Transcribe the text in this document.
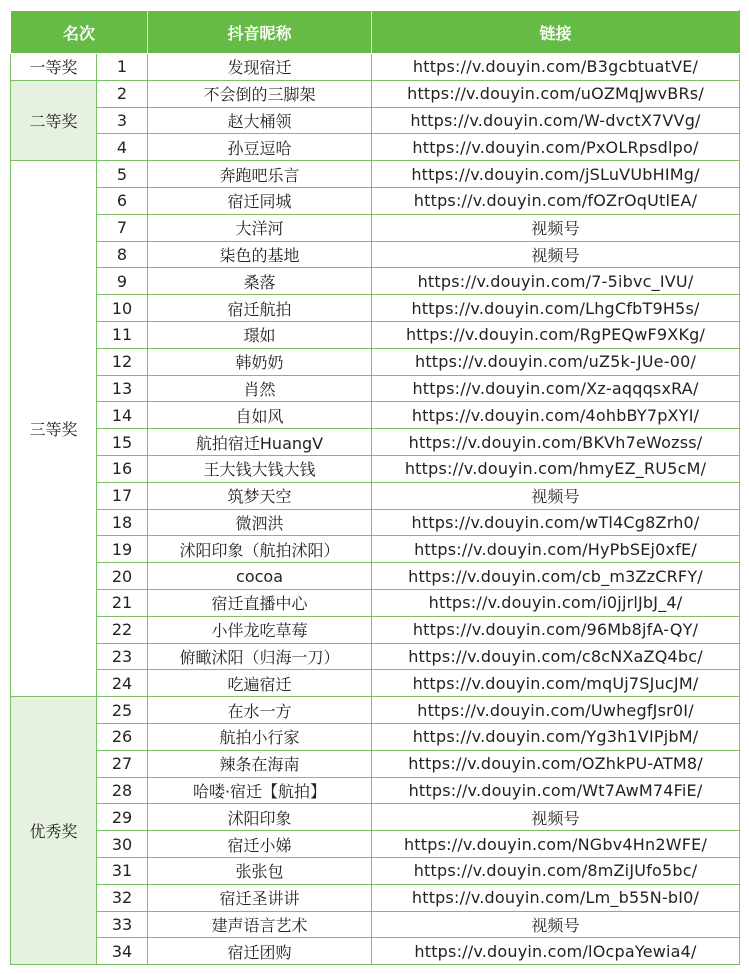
名次		抖音昵称	链接
一等奖	1	发现宿迁	https://v.douyin.com/B3gcbtuatVE/
二等奖	2	不会倒的三脚架	https://v.douyin.com/uOZMqJwvBRs/
	3	赵大桶领	https://v.douyin.com/W-dvctX7VVg/
	4	孙豆逗哈	https://v.douyin.com/PxOLRpsdlpo/
三等奖	5	奔跑吧乐言	https://v.douyin.com/jSLuVUbHIMg/
	6	宿迁同城	https://v.douyin.com/fOZrOqUtlEA/
	7	大洋河	视频号
	8	柒色的基地	视频号
	9	桑落	https://v.douyin.com/7-5ibvc_IVU/
	10	宿迁航拍	https://v.douyin.com/LhgCfbT9H5s/
	11	璟如	https://v.douyin.com/RgPEQwF9XKg/
	12	韩奶奶	https://v.douyin.com/uZ5k-JUe-00/
	13	肖然	https://v.douyin.com/Xz-aqqqsxRA/
	14	自如风	https://v.douyin.com/4ohbBY7pXYI/
	15	航拍宿迁HuangV	https://v.douyin.com/BKVh7eWozss/
	16	王大钱大钱大钱	https://v.douyin.com/hmyEZ_RU5cM/
	17	筑梦天空	视频号
	18	微泗洪	https://v.douyin.com/wTl4Cg8Zrh0/
	19	沭阳印象（航拍沭阳）	https://v.douyin.com/HyPbSEj0xfE/
	20	cocoa	https://v.douyin.com/cb_m3ZzCRFY/
	21	宿迁直播中心	https://v.douyin.com/i0jjrlJbJ_4/
	22	小伴龙吃草莓	https://v.douyin.com/96Mb8jfA-QY/
	23	俯瞰沭阳（归海一刀）	https://v.douyin.com/c8cNXaZQ4bc/
	24	吃遍宿迁	https://v.douyin.com/mqUj7SJucJM/
优秀奖	25	在水一方	https://v.douyin.com/UwhegfJsr0I/
	26	航拍小行家	https://v.douyin.com/Yg3h1VIPjbM/
	27	辣条在海南	https://v.douyin.com/OZhkPU-ATM8/
	28	哈喽·宿迁【航拍】	https://v.douyin.com/Wt7AwM74FiE/
	29	沭阳印象	视频号
	30	宿迁小娣	https://v.douyin.com/NGbv4Hn2WFE/
	31	张张包	https://v.douyin.com/8mZiJUfo5bc/
	32	宿迁圣讲讲	https://v.douyin.com/Lm_b55N-bI0/
	33	建声语言艺术	视频号
	34	宿迁团购	https://v.douyin.com/lOcpaYewia4/
